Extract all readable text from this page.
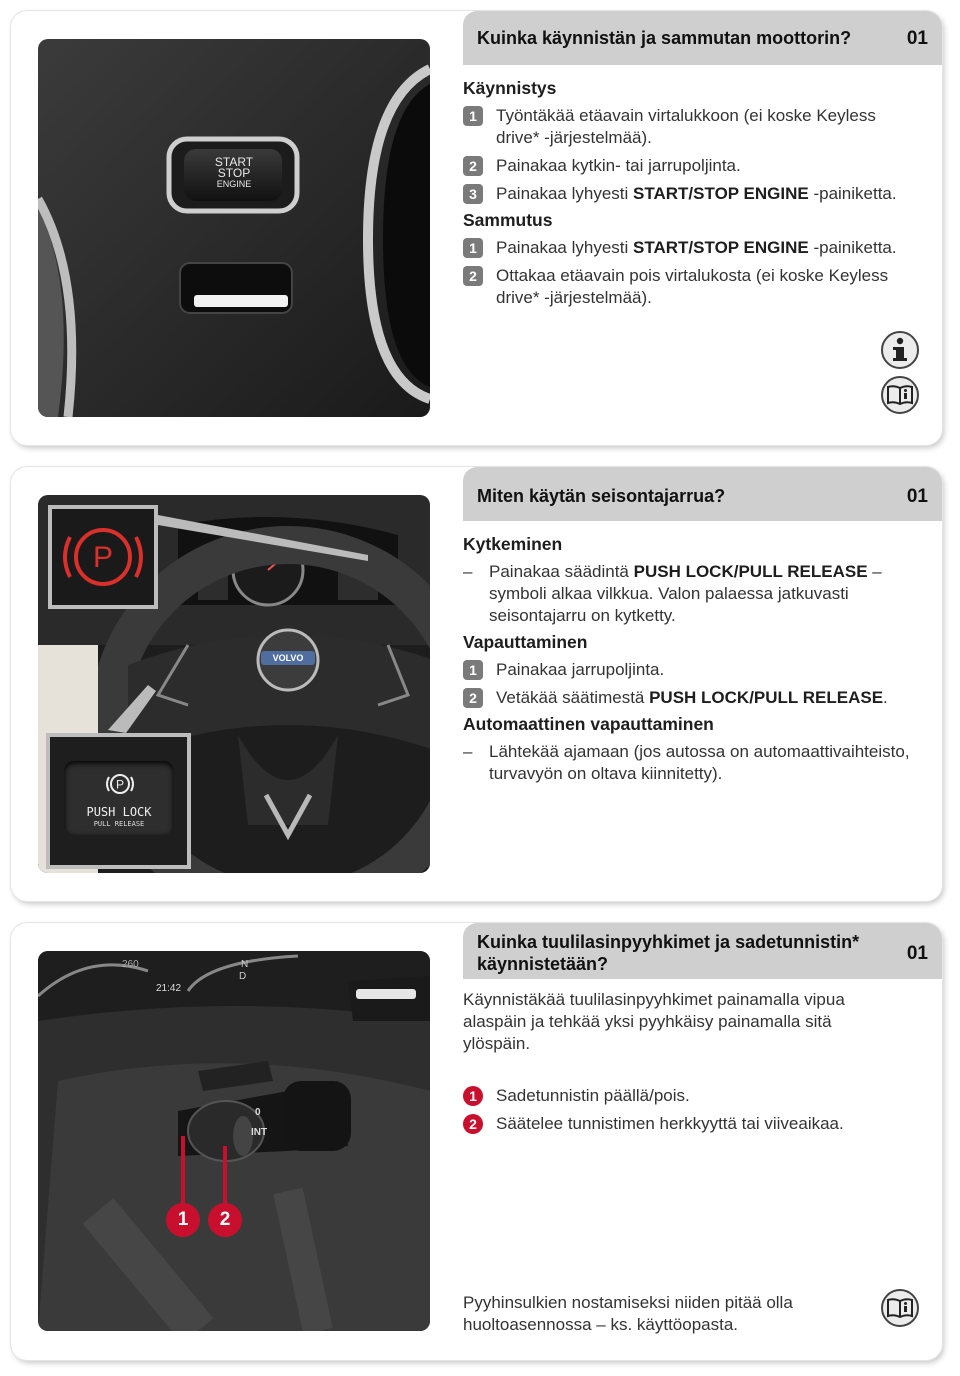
START
STOP
ENGINE
Kuinka käynnistän ja sammutan moottorin?	01
Käynnistys
1	Työntäkää etäavain virtalukkoon (ei koske Keyless drive* -järjestelmää).
2	Painakaa kytkin- tai jarrupoljinta.
3	Painakaa lyhyesti START/STOP ENGINE -painiketta.
Sammutus
1	Painakaa lyhyesti START/STOP ENGINE -painiketta.
2	Ottakaa etäavain pois virtalukosta (ei koske Keyless drive* -järjestelmää).
VOLVO
P
P
PUSH LOCK
PULL RELEASE
Miten käytän seisontajarrua?	01
Kytkeminen
– Painakaa säädintä PUSH LOCK/PULL RELEASE – symboli alkaa vilkkua. Valon palaessa jatkuvasti seisontajarru on kytketty.
Vapauttaminen
1	Painakaa jarrupoljinta.
2	Vetäkää säätimestä PUSH LOCK/PULL RELEASE.
Automaattinen vapauttaminen
– Lähtekää ajamaan (jos autossa on automaattivaihteisto, turvavyön on oltava kiinnitetty).
260
21:42
N
D
0
INT
1	2
Kuinka tuulilasinpyyhkimet ja sadetunnistin*
käynnistetään?	01
Käynnistäkää tuulilasinpyyhkimet painamalla vipua alaspäin ja tehkää yksi pyyhkäisy painamalla sitä ylöspäin.
1	Sadetunnistin päällä/pois.
2	Säätelee tunnistimen herkkyyttä tai viiveaikaa.
Pyyhinsulkien nostamiseksi niiden pitää olla huoltoasennossa – ks. käyttöopasta.
